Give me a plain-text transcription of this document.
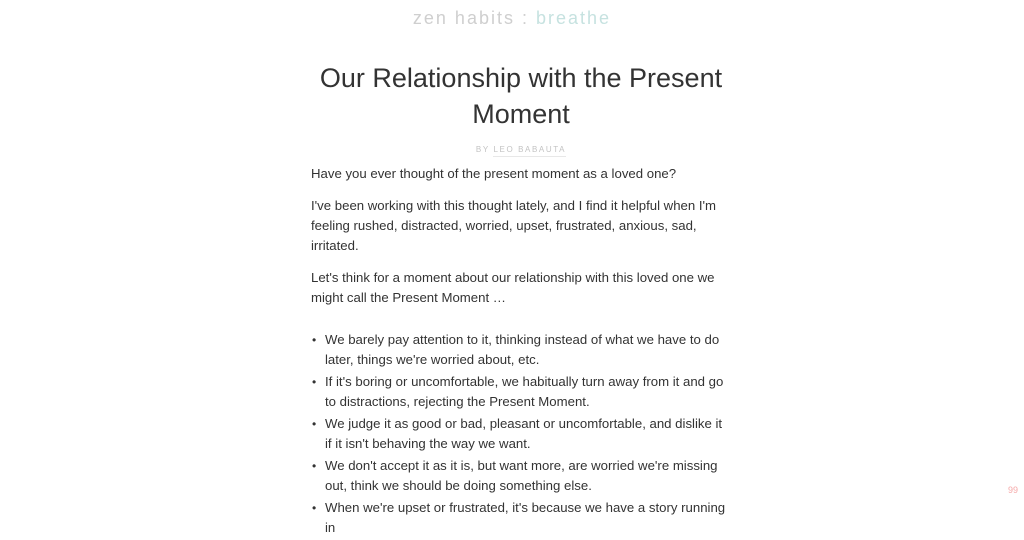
zen habits : breathe
Our Relationship with the Present Moment
BY LEO BABAUTA

Have you ever thought of the present moment as a loved one?

I've been working with this thought lately, and I find it helpful when I'm feeling rushed, distracted, worried, upset, frustrated, anxious, sad, irritated.

Let's think for a moment about our relationship with this loved one we might call the Present Moment …

• We barely pay attention to it, thinking instead of what we have to do later, things we're worried about, etc.
• If it's boring or uncomfortable, we habitually turn away from it and go to distractions, rejecting the Present Moment.
• We judge it as good or bad, pleasant or uncomfortable, and dislike it if it isn't behaving the way we want.
• We don't accept it as it is, but want more, are worried we're missing out, think we should be doing something else.
• When we're upset or frustrated, it's because we have a story running in
99
